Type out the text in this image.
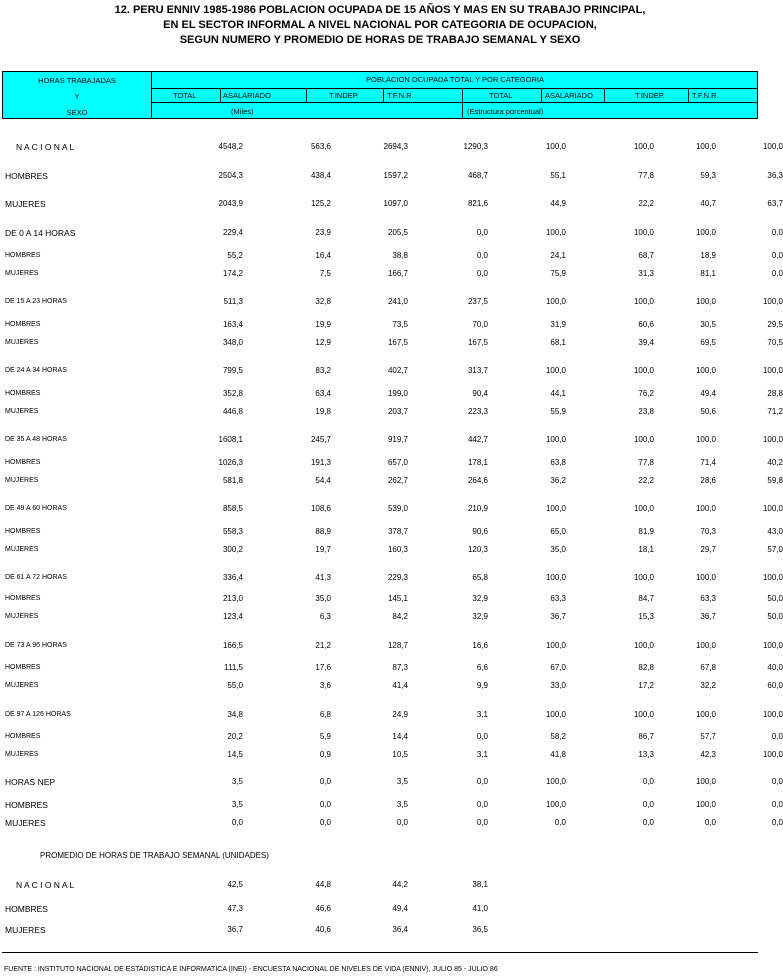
12. PERU ENNIV 1985-1986 POBLACION OCUPADA DE 15 AÑOS Y MAS EN SU TRABAJO PRINCIPAL,
EN EL SECTOR INFORMAL A NIVEL NACIONAL POR CATEGORIA DE OCUPACION,
SEGUN NUMERO Y PROMEDIO DE HORAS DE TRABAJO SEMANAL Y SEXO
HORAS TRABAJADAS
Y
SEXO
POBLACION OCUPADA TOTAL Y POR CATEGORIA
TOTAL	ASALARIADO	T.INDEP.	T.F.N.R.	TOTAL	ASALARIADO	T.INDEP.	T.F.N.R.
(Miles)	(Estructura porcentual)
N A C I O N A L	4548,2	563,6	2694,3	1290,3	100,0	100,0	100,0	100,0
HOMBRES	2504,3	438,4	1597,2	468,7	55,1	77,8	59,3	36,3
MUJERES	2043,9	125,2	1097,0	821,6	44,9	22,2	40,7	63,7
DE 0 A 14 HORAS	229,4	23,9	205,5	0,0	100,0	100,0	100,0	0,0
HOMBRES	55,2	16,4	38,8	0,0	24,1	68,7	18,9	0,0
MUJERES	174,2	7,5	166,7	0,0	75,9	31,3	81,1	0,0
DE 15 A 23 HORAS	511,3	32,8	241,0	237,5	100,0	100,0	100,0	100,0
HOMBRES	163,4	19,9	73,5	70,0	31,9	60,6	30,5	29,5
MUJERES	348,0	12,9	167,5	167,5	68,1	39,4	69,5	70,5
DE 24 A 34 HORAS	799,5	83,2	402,7	313,7	100,0	100,0	100,0	100,0
HOMBRES	352,8	63,4	199,0	90,4	44,1	76,2	49,4	28,8
MUJERES	446,8	19,8	203,7	223,3	55,9	23,8	50,6	71,2
DE 35 A 48 HORAS	1608,1	245,7	919,7	442,7	100,0	100,0	100,0	100,0
HOMBRES	1026,3	191,3	657,0	178,1	63,8	77,8	71,4	40,2
MUJERES	581,8	54,4	262,7	264,6	36,2	22,2	28,6	59,8
DE 49 A 60 HORAS	858,5	108,6	539,0	210,9	100,0	100,0	100,0	100,0
HOMBRES	558,3	88,9	378,7	90,6	65,0	81,9	70,3	43,0
MUJERES	300,2	19,7	160,3	120,3	35,0	18,1	29,7	57,0
DE 61 A 72 HORAS	336,4	41,3	229,3	65,8	100,0	100,0	100,0	100,0
HOMBRES	213,0	35,0	145,1	32,9	63,3	84,7	63,3	50,0
MUJERES	123,4	6,3	84,2	32,9	36,7	15,3	36,7	50,0
DE 73 A 96 HORAS	166,5	21,2	128,7	16,6	100,0	100,0	100,0	100,0
HOMBRES	111,5	17,6	87,3	6,6	67,0	82,8	67,8	40,0
MUJERES	55,0	3,6	41,4	9,9	33,0	17,2	32,2	60,0
DE 97 A 126 HORAS	34,8	6,8	24,9	3,1	100,0	100,0	100,0	100,0
HOMBRES	20,2	5,9	14,4	0,0	58,2	86,7	57,7	0,0
MUJERES	14,5	0,9	10,5	3,1	41,8	13,3	42,3	100,0
HORAS NEP	3,5	0,0	3,5	0,0	100,0	0,0	100,0	0,0
HOMBRES	3,5	0,0	3,5	0,0	100,0	0,0	100,0	0,0
MUJERES	0,0	0,0	0,0	0,0	0,0	0,0	0,0	0,0
PROMEDIO DE HORAS DE TRABAJO SEMANAL (UNIDADES)
N A C I O N A L	42,5	44,8	44,2	38,1
HOMBRES	47,3	46,6	49,4	41,0
MUJERES	36,7	40,6	36,4	36,5
FUENTE : INSTITUTO NACIONAL DE ESTADISTICA E INFORMATICA (INEI) - ENCUESTA NACIONAL DE NIVELES DE VIDA (ENNIV), JULIO 85 - JULIO 86
